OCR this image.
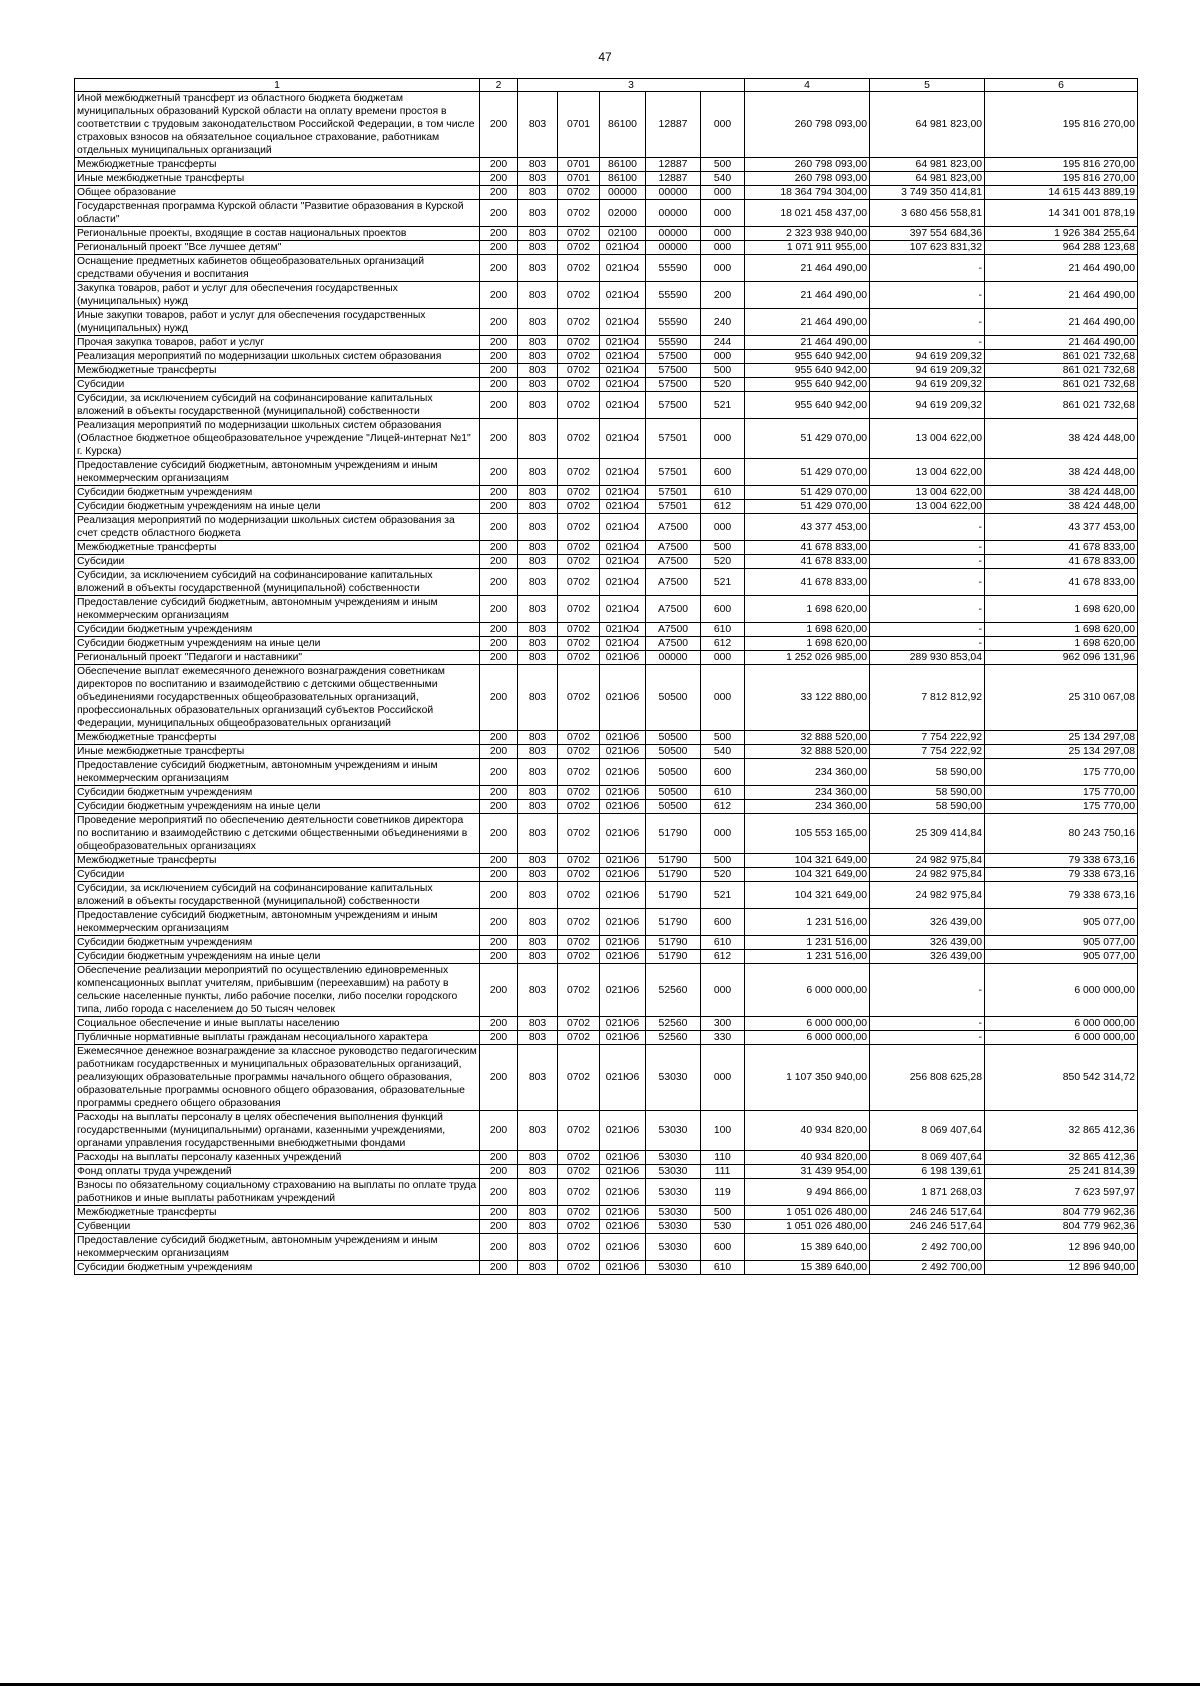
47
1	2	3					4	5	6
Иной межбюджетный трансферт из областного бюджета бюджетам муниципальных образований Курской области на оплату времени простоя в соответствии с трудовым законодательством Российской Федерации, в том числе страховых взносов на обязательное социальное страхование, работникам отдельных муниципальных организаций	200	803	0701	86100	12887	000	260 798 093,00	64 981 823,00	195 816 270,00
Межбюджетные трансферты	200	803	0701	86100	12887	500	260 798 093,00	64 981 823,00	195 816 270,00
Иные межбюджетные трансферты	200	803	0701	86100	12887	540	260 798 093,00	64 981 823,00	195 816 270,00
Общее образование	200	803	0702	00000	00000	000	18 364 794 304,00	3 749 350 414,81	14 615 443 889,19
Государственная программа Курской области "Развитие образования в Курской области"	200	803	0702	02000	00000	000	18 021 458 437,00	3 680 456 558,81	14 341 001 878,19
Региональные проекты, входящие в состав национальных проектов	200	803	0702	02100	00000	000	2 323 938 940,00	397 554 684,36	1 926 384 255,64
Региональный проект "Все лучшее детям"	200	803	0702	021Ю4	00000	000	1 071 911 955,00	107 623 831,32	964 288 123,68
Оснащение предметных кабинетов общеобразовательных организаций средствами обучения и воспитания	200	803	0702	021Ю4	55590	000	21 464 490,00	-	21 464 490,00
Закупка товаров, работ и услуг для обеспечения государственных (муниципальных) нужд	200	803	0702	021Ю4	55590	200	21 464 490,00	-	21 464 490,00
Иные закупки товаров, работ и услуг для обеспечения государственных (муниципальных) нужд	200	803	0702	021Ю4	55590	240	21 464 490,00	-	21 464 490,00
Прочая закупка товаров, работ и услуг	200	803	0702	021Ю4	55590	244	21 464 490,00	-	21 464 490,00
Реализация мероприятий по модернизации школьных систем образования	200	803	0702	021Ю4	57500	000	955 640 942,00	94 619 209,32	861 021 732,68
Межбюджетные трансферты	200	803	0702	021Ю4	57500	500	955 640 942,00	94 619 209,32	861 021 732,68
Субсидии	200	803	0702	021Ю4	57500	520	955 640 942,00	94 619 209,32	861 021 732,68
Субсидии, за исключением субсидий на софинансирование капитальных вложений в объекты государственной (муниципальной) собственности	200	803	0702	021Ю4	57500	521	955 640 942,00	94 619 209,32	861 021 732,68
Реализация мероприятий по модернизации школьных систем образования (Областное бюджетное общеобразовательное учреждение "Лицей-интернат №1" г. Курска)	200	803	0702	021Ю4	57501	000	51 429 070,00	13 004 622,00	38 424 448,00
Предоставление субсидий бюджетным, автономным учреждениям и иным некоммерческим организациям	200	803	0702	021Ю4	57501	600	51 429 070,00	13 004 622,00	38 424 448,00
Субсидии бюджетным учреждениям	200	803	0702	021Ю4	57501	610	51 429 070,00	13 004 622,00	38 424 448,00
Субсидии бюджетным учреждениям на иные цели	200	803	0702	021Ю4	57501	612	51 429 070,00	13 004 622,00	38 424 448,00
Реализация мероприятий по модернизации школьных систем образования за счет средств областного бюджета	200	803	0702	021Ю4	А7500	000	43 377 453,00	-	43 377 453,00
Межбюджетные трансферты	200	803	0702	021Ю4	А7500	500	41 678 833,00	-	41 678 833,00
Субсидии	200	803	0702	021Ю4	А7500	520	41 678 833,00	-	41 678 833,00
Субсидии, за исключением субсидий на софинансирование капитальных вложений в объекты государственной (муниципальной) собственности	200	803	0702	021Ю4	А7500	521	41 678 833,00	-	41 678 833,00
Предоставление субсидий бюджетным, автономным учреждениям и иным некоммерческим организациям	200	803	0702	021Ю4	А7500	600	1 698 620,00	-	1 698 620,00
Субсидии бюджетным учреждениям	200	803	0702	021Ю4	А7500	610	1 698 620,00	-	1 698 620,00
Субсидии бюджетным учреждениям на иные цели	200	803	0702	021Ю4	А7500	612	1 698 620,00	-	1 698 620,00
Региональный проект "Педагоги и наставники"	200	803	0702	021Ю6	00000	000	1 252 026 985,00	289 930 853,04	962 096 131,96
Обеспечение выплат ежемесячного денежного вознаграждения советникам директоров по воспитанию и взаимодействию с детскими общественными объединениями государственных общеобразовательных организаций, профессиональных образовательных организаций субъектов Российской Федерации, муниципальных общеобразовательных организаций	200	803	0702	021Ю6	50500	000	33 122 880,00	7 812 812,92	25 310 067,08
Межбюджетные трансферты	200	803	0702	021Ю6	50500	500	32 888 520,00	7 754 222,92	25 134 297,08
Иные межбюджетные трансферты	200	803	0702	021Ю6	50500	540	32 888 520,00	7 754 222,92	25 134 297,08
Предоставление субсидий бюджетным, автономным учреждениям и иным некоммерческим организациям	200	803	0702	021Ю6	50500	600	234 360,00	58 590,00	175 770,00
Субсидии бюджетным учреждениям	200	803	0702	021Ю6	50500	610	234 360,00	58 590,00	175 770,00
Субсидии бюджетным учреждениям на иные цели	200	803	0702	021Ю6	50500	612	234 360,00	58 590,00	175 770,00
Проведение мероприятий по обеспечению деятельности советников директора по воспитанию и взаимодействию с детскими общественными объединениями в общеобразовательных организациях	200	803	0702	021Ю6	51790	000	105 553 165,00	25 309 414,84	80 243 750,16
Межбюджетные трансферты	200	803	0702	021Ю6	51790	500	104 321 649,00	24 982 975,84	79 338 673,16
Субсидии	200	803	0702	021Ю6	51790	520	104 321 649,00	24 982 975,84	79 338 673,16
Субсидии, за исключением субсидий на софинансирование капитальных вложений в объекты государственной (муниципальной) собственности	200	803	0702	021Ю6	51790	521	104 321 649,00	24 982 975,84	79 338 673,16
Предоставление субсидий бюджетным, автономным учреждениям и иным некоммерческим организациям	200	803	0702	021Ю6	51790	600	1 231 516,00	326 439,00	905 077,00
Субсидии бюджетным учреждениям	200	803	0702	021Ю6	51790	610	1 231 516,00	326 439,00	905 077,00
Субсидии бюджетным учреждениям на иные цели	200	803	0702	021Ю6	51790	612	1 231 516,00	326 439,00	905 077,00
Обеспечение реализации мероприятий по осуществлению единовременных компенсационных выплат учителям, прибывшим (переехавшим) на работу в сельские населенные пункты, либо рабочие поселки, либо поселки городского типа, либо города с населением до 50 тысяч человек	200	803	0702	021Ю6	52560	000	6 000 000,00	-	6 000 000,00
Социальное обеспечение и иные выплаты населению	200	803	0702	021Ю6	52560	300	6 000 000,00	-	6 000 000,00
Публичные нормативные выплаты гражданам несоциального характера	200	803	0702	021Ю6	52560	330	6 000 000,00	-	6 000 000,00
Ежемесячное денежное вознаграждение за классное руководство педагогическим работникам государственных и муниципальных образовательных организаций, реализующих образовательные программы начального общего образования, образовательные программы основного общего образования, образовательные программы среднего общего образования	200	803	0702	021Ю6	53030	000	1 107 350 940,00	256 808 625,28	850 542 314,72
Расходы на выплаты персоналу в целях обеспечения выполнения функций государственными (муниципальными) органами, казенными учреждениями, органами управления государственными внебюджетными фондами	200	803	0702	021Ю6	53030	100	40 934 820,00	8 069 407,64	32 865 412,36
Расходы на выплаты персоналу казенных учреждений	200	803	0702	021Ю6	53030	110	40 934 820,00	8 069 407,64	32 865 412,36
Фонд оплаты труда учреждений	200	803	0702	021Ю6	53030	111	31 439 954,00	6 198 139,61	25 241 814,39
Взносы по обязательному социальному страхованию на выплаты по оплате труда работников и иные выплаты работникам учреждений	200	803	0702	021Ю6	53030	119	9 494 866,00	1 871 268,03	7 623 597,97
Межбюджетные трансферты	200	803	0702	021Ю6	53030	500	1 051 026 480,00	246 246 517,64	804 779 962,36
Субвенции	200	803	0702	021Ю6	53030	530	1 051 026 480,00	246 246 517,64	804 779 962,36
Предоставление субсидий бюджетным, автономным учреждениям и иным некоммерческим организациям	200	803	0702	021Ю6	53030	600	15 389 640,00	2 492 700,00	12 896 940,00
Субсидии бюджетным учреждениям	200	803	0702	021Ю6	53030	610	15 389 640,00	2 492 700,00	12 896 940,00
